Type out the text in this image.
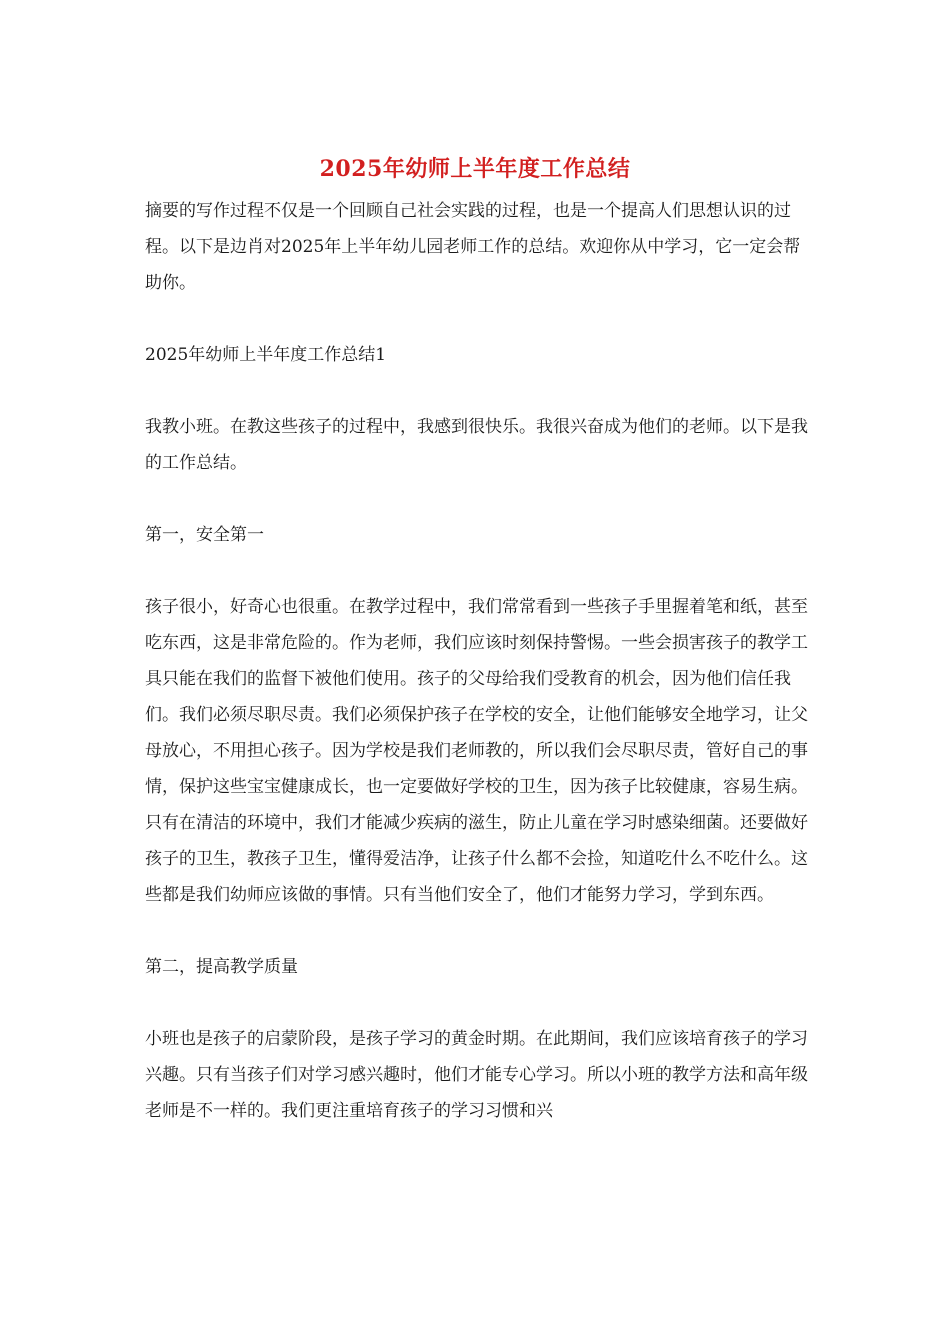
2025年幼师上半年度工作总结

摘要的写作过程不仅是一个回顾自己社会实践的过程，也是一个提高人们思想认识的过程。以下是边肖对2025年上半年幼儿园老师工作的总结。欢迎你从中学习，它一定会帮助你。

2025年幼师上半年度工作总结1

我教小班。在教这些孩子的过程中，我感到很快乐。我很兴奋成为他们的老师。以下是我的工作总结。

第一，安全第一

孩子很小，好奇心也很重。在教学过程中，我们常常看到一些孩子手里握着笔和纸，甚至吃东西，这是非常危险的。作为老师，我们应该时刻保持警惕。一些会损害孩子的教学工具只能在我们的监督下被他们使用。孩子的父母给我们受教育的机会，因为他们信任我们。我们必须尽职尽责。我们必须保护孩子在学校的安全，让他们能够安全地学习，让父母放心，不用担心孩子。因为学校是我们老师教的，所以我们会尽职尽责，管好自己的事情，保护这些宝宝健康成长，也一定要做好学校的卫生，因为孩子比较健康，容易生病。只有在清洁的环境中，我们才能减少疾病的滋生，防止儿童在学习时感染细菌。还要做好孩子的卫生，教孩子卫生，懂得爱洁净，让孩子什么都不会捡，知道吃什么不吃什么。这些都是我们幼师应该做的事情。只有当他们安全了，他们才能努力学习，学到东西。

第二，提高教学质量

小班也是孩子的启蒙阶段，是孩子学习的黄金时期。在此期间，我们应该培育孩子的学习兴趣。只有当孩子们对学习感兴趣时，他们才能专心学习。所以小班的教学方法和高年级老师是不一样的。我们更注重培育孩子的学习习惯和兴
